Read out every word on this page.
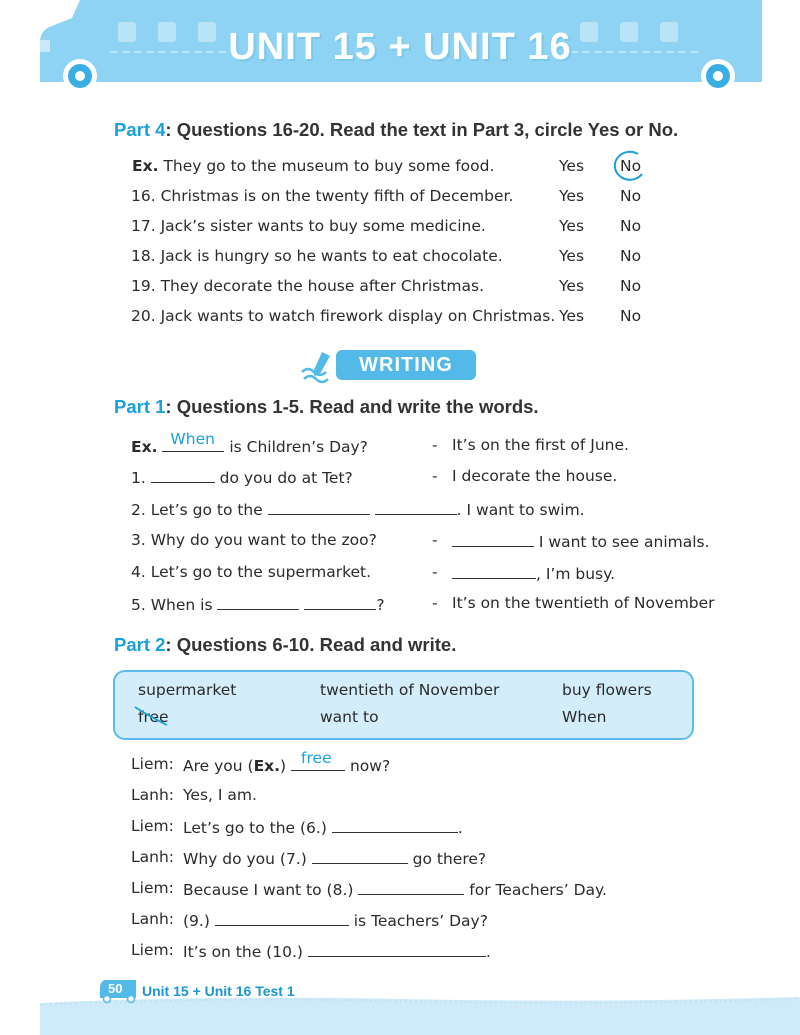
UNIT 15 + UNIT 16
Part 4: Questions 16-20. Read the text in Part 3, circle Yes or No.
Ex. They go to the museum to buy some food.	Yes No
16. Christmas is on the twenty fifth of December.	Yes No
17. Jack’s sister wants to buy some medicine.	Yes No
18. Jack is hungry so he wants to eat chocolate.	Yes No
19. They decorate the house after Christmas.	Yes No
20. Jack wants to watch firework display on Christmas. Yes No
WRITING
Part 1: Questions 1-5. Read and write the words.
Ex. When is Children’s Day?	- It’s on the first of June.
1.	do you do at Tet?	- I decorate the house.
2. Let’s go to the	. I want to swim.
3. Why do you want to the zoo?	-	I want to see animals.
4. Let’s go to the supermarket.	-	, I’m busy.
5. When is	?	- It’s on the twentieth of November
Part 2: Questions 6-10. Read and write.
supermarket	twentieth of November	buy flowers
free	want to	When
Liem: Are you (Ex.) free now?
Lanh: Yes, I am.
Liem: Let’s go to the (6.)	.
Lanh: Why do you (7.)	go there?
Liem: Because I want to (8.)	for Teachers’ Day.
Lanh: (9.)	is Teachers’ Day?
Liem: It’s on the (10.)	.
50 Unit 15 + Unit 16 Test 1
